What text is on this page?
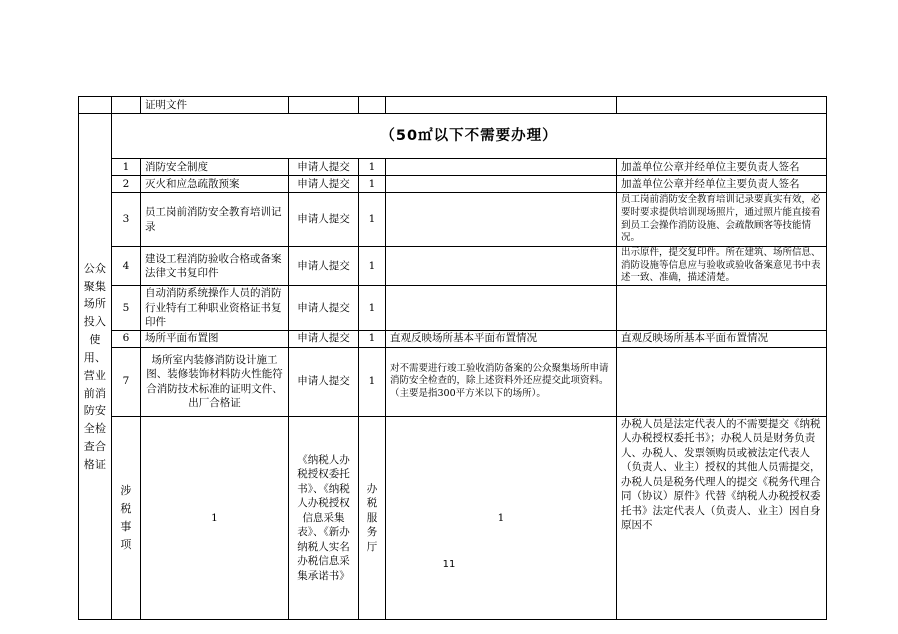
		证明文件					
公众聚集场所投入使用、营业前消防安全检查合格证	（50㎡以下不需要办理）						
	1	消防安全制度	申请人提交	1		加盖单位公章并经单位主要负责人签名	
	2	灭火和应急疏散预案	申请人提交	1		加盖单位公章并经单位主要负责人签名	
	3	员工岗前消防安全教育培训记录	申请人提交	1		员工岗前消防安全教育培训记录要真实有效，必要时要求提供培训现场照片，通过照片能直接看到员工会操作消防设施、会疏散顾客等技能情况。	
	4	建设工程消防验收合格或备案法律文书复印件	申请人提交	1		出示原件，提交复印件。所在建筑、场所信息、消防设施等信息应与验收或验收备案意见书中表述一致、准确，描述清楚。	
	5	自动消防系统操作人员的消防行业特有工种职业资格证书复印件	申请人提交	1			
	6	场所平面布置图	申请人提交	1	直观反映场所基本平面布置情况	直观反映场所基本平面布置情况	
	7	场所室内装修消防设计施工图、装修装饰材料防火性能符合消防技术标准的证明文件、出厂合格证	申请人提交	1	对不需要进行竣工验收消防备案的公众聚集场所申请消防安全检查的，除上述资料外还应提交此项资料。（主要是指300平方米以下的场所）。		
	涉税事项	1	《纳税人办税授权委托书》、《纳税人办税授权信息采集表》、《新办纳税人实名办税信息采集承诺书》	办税服务厅	1	办税人员是法定代表人的不需要提交《纳税人办税授权委托书》；办税人员是财务负责人、办税人、发票领购员或被法定代表人（负责人、业主）授权的其他人员需提交，办税人员是税务代理人的提交《税务代理合同（协议）原件》代替《纳税人办税授权委托书》法定代表人（负责人、业主）因自身原因不	
11
